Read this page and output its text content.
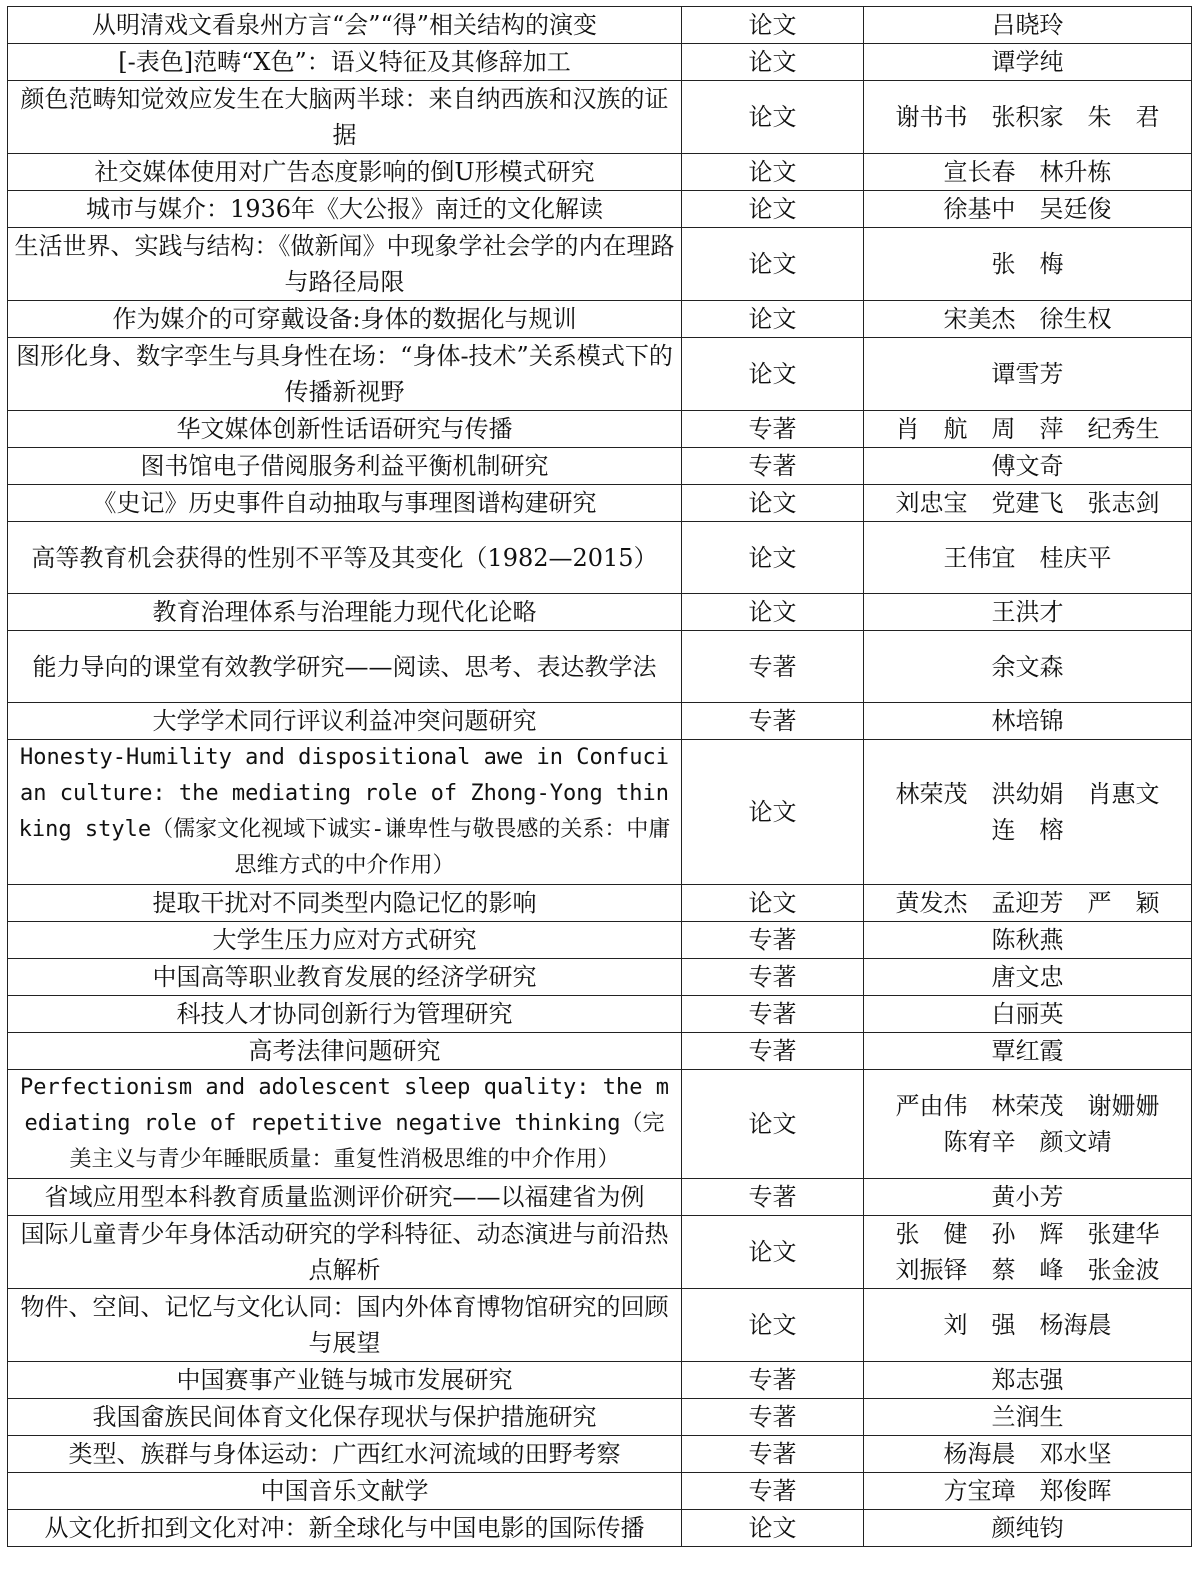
从明清戏文看泉州方言“会”“得”相关结构的演变	论文	吕晓玲

[-表色]范畴“X色”：语义特征及其修辞加工	论文	谭学纯

颜色范畴知觉效应发生在大脑两半球：来自纳西族和汉族的证据	论文	谢书书　张积家　朱　君

社交媒体使用对广告态度影响的倒U形模式研究	论文	宣长春　林升栋

城市与媒介：1936年《大公报》南迁的文化解读	论文	徐基中　吴廷俊

生活世界、实践与结构：《做新闻》中现象学社会学的内在理路与路径局限	论文	张　梅

作为媒介的可穿戴设备:身体的数据化与规训	论文	宋美杰　徐生权

图形化身、数字孪生与具身性在场：“身体-技术”关系模式下的传播新视野	论文	谭雪芳

华文媒体创新性话语研究与传播	专著	肖　航　周　萍　纪秀生

图书馆电子借阅服务利益平衡机制研究	专著	傅文奇

《史记》历史事件自动抽取与事理图谱构建研究	论文	刘忠宝　党建飞　张志剑

高等教育机会获得的性别不平等及其变化（1982—2015）	论文	王伟宜　桂庆平

教育治理体系与治理能力现代化论略	论文	王洪才

能力导向的课堂有效教学研究——阅读、思考、表达教学法	专著	余文森

大学学术同行评议利益冲突问题研究	专著	林培锦

Honesty-Humility and dispositional awe in Confucian culture: the mediating role of Zhong-Yong thinking style（儒家文化视域下诚实-谦卑性与敬畏感的关系：中庸思维方式的中介作用）	论文	林荣茂　洪幼娟　肖惠文
连　榕

提取干扰对不同类型内隐记忆的影响	论文	黄发杰　孟迎芳　严　颖

大学生压力应对方式研究	专著	陈秋燕

中国高等职业教育发展的经济学研究	专著	唐文忠

科技人才协同创新行为管理研究	专著	白丽英

高考法律问题研究	专著	覃红霞

Perfectionism and adolescent sleep quality: the mediating role of repetitive negative thinking（完美主义与青少年睡眠质量：重复性消极思维的中介作用）	论文	严由伟　林荣茂　谢姗姗
陈宥辛　颜文靖

省域应用型本科教育质量监测评价研究——以福建省为例	专著	黄小芳

国际儿童青少年身体活动研究的学科特征、动态演进与前沿热点解析	论文	张　健　孙　辉　张建华
刘振铎　蔡　峰　张金波

物件、空间、记忆与文化认同：国内外体育博物馆研究的回顾与展望	论文	刘　强　杨海晨

中国赛事产业链与城市发展研究	专著	郑志强

我国畲族民间体育文化保存现状与保护措施研究	专著	兰润生

类型、族群与身体运动：广西红水河流域的田野考察	专著	杨海晨　邓水坚

中国音乐文献学	专著	方宝璋　郑俊晖

从文化折扣到文化对冲：新全球化与中国电影的国际传播	论文	颜纯钧
